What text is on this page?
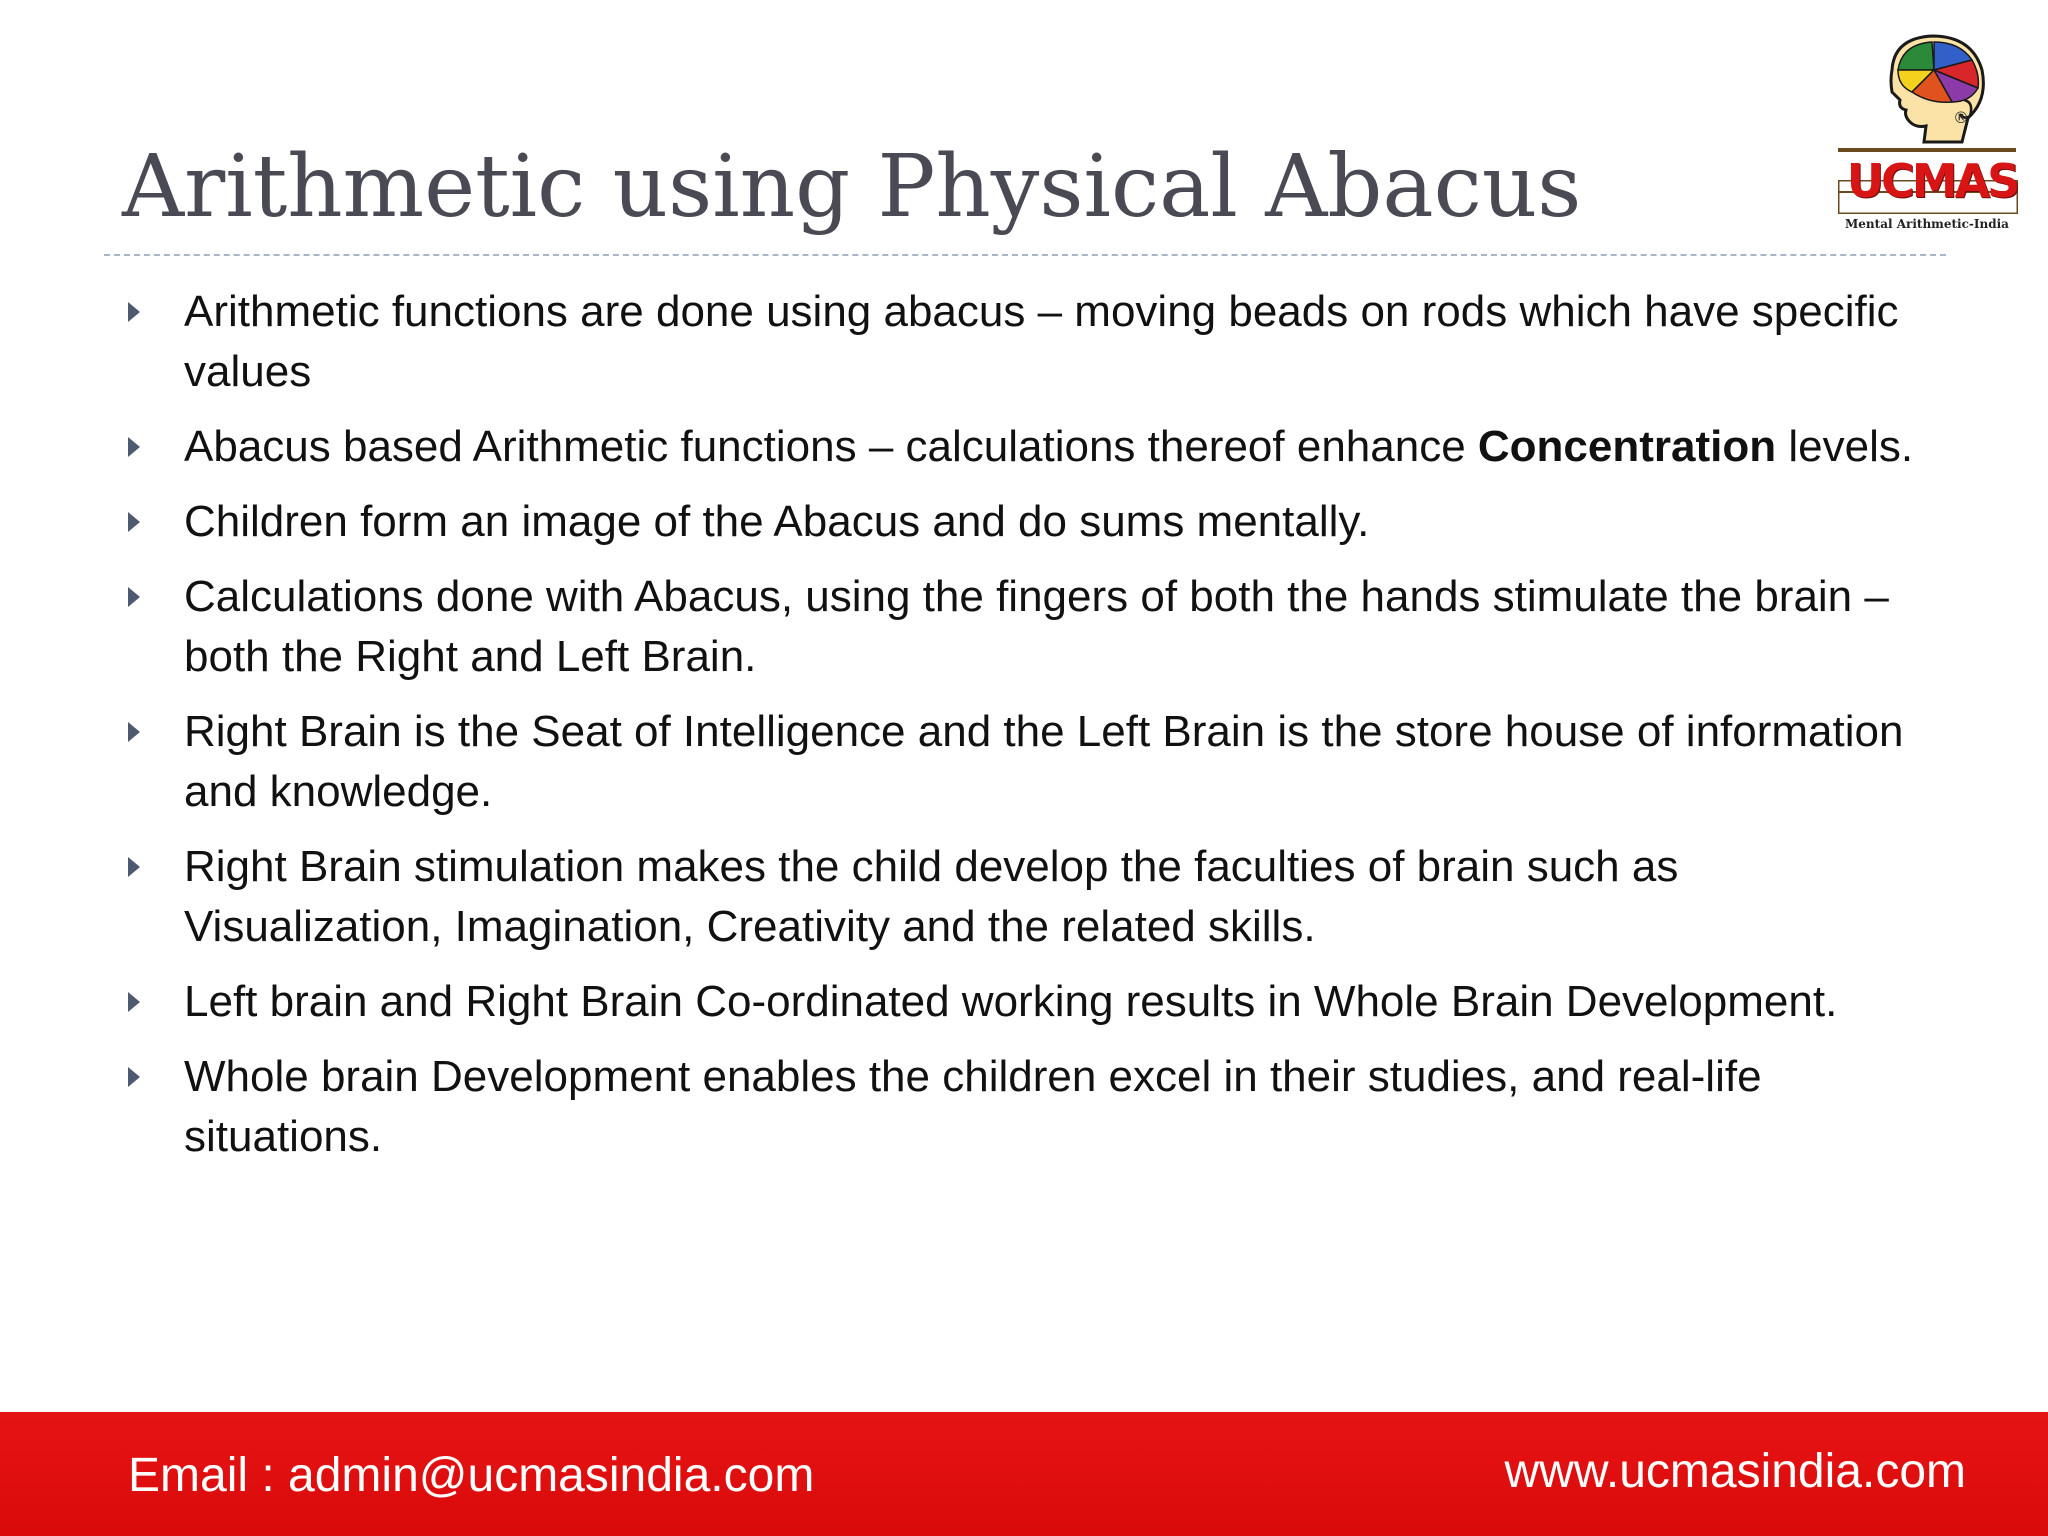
Arithmetic using Physical Abacus	UCMAS
Mental Arithmetic-India
®
Arithmetic functions are done using abacus – moving beads on rods which have specific values
Abacus based Arithmetic functions – calculations thereof enhance Concentration levels.
Children form an image of the Abacus and do sums mentally.
Calculations done with Abacus, using the fingers of both the hands stimulate the brain – both the Right and Left Brain.
Right Brain is the Seat of Intelligence and the Left Brain is the store house of information and knowledge.
Right Brain stimulation makes the child develop the faculties of brain such as Visualization, Imagination, Creativity and the related skills.
Left brain and Right Brain Co-ordinated working results in Whole Brain Development.
Whole brain Development enables the children excel in their studies, and real-life situations.
Email : admin@ucmasindia.com	www.ucmasindia.com
